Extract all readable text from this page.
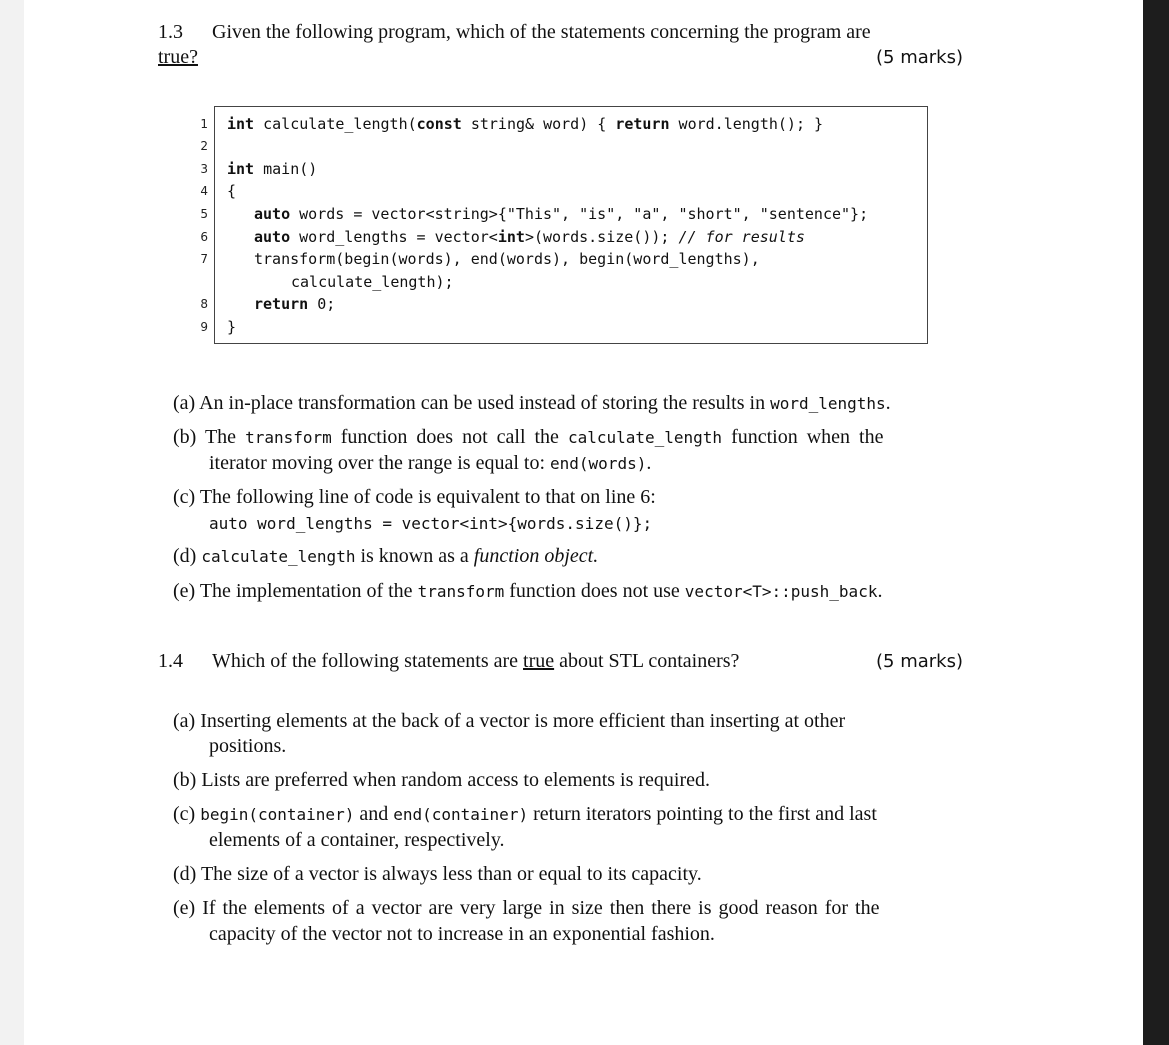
1.3 Given the following program, which of the statements concerning the program are
true?	(5 marks)
1
2
3
4
5
6
7
8
9
int calculate_length(const string& word) { return word.length(); }
int main()
{
auto words = vector<string>{"This", "is", "a", "short", "sentence"};
auto word_lengths = vector<int>(words.size()); // for results
transform(begin(words), end(words), begin(word_lengths),
calculate_length);
return 0;
}
(a) An in-place transformation can be used instead of storing the results in word_lengths.
(b) The transform function does not call the calculate_length function when the
iterator moving over the range is equal to: end(words).
(c) The following line of code is equivalent to that on line 6:
auto word_lengths = vector<int>{words.size()};
(d) calculate_length is known as a function object.
(e) The implementation of the transform function does not use vector<T>::push_back.
1.4 Which of the following statements are true about STL containers?	(5 marks)
(a) Inserting elements at the back of a vector is more efficient than inserting at other
positions.
(b) Lists are preferred when random access to elements is required.
(c) begin(container) and end(container) return iterators pointing to the first and last
elements of a container, respectively.
(d) The size of a vector is always less than or equal to its capacity.
(e) If the elements of a vector are very large in size then there is good reason for the
capacity of the vector not to increase in an exponential fashion.
